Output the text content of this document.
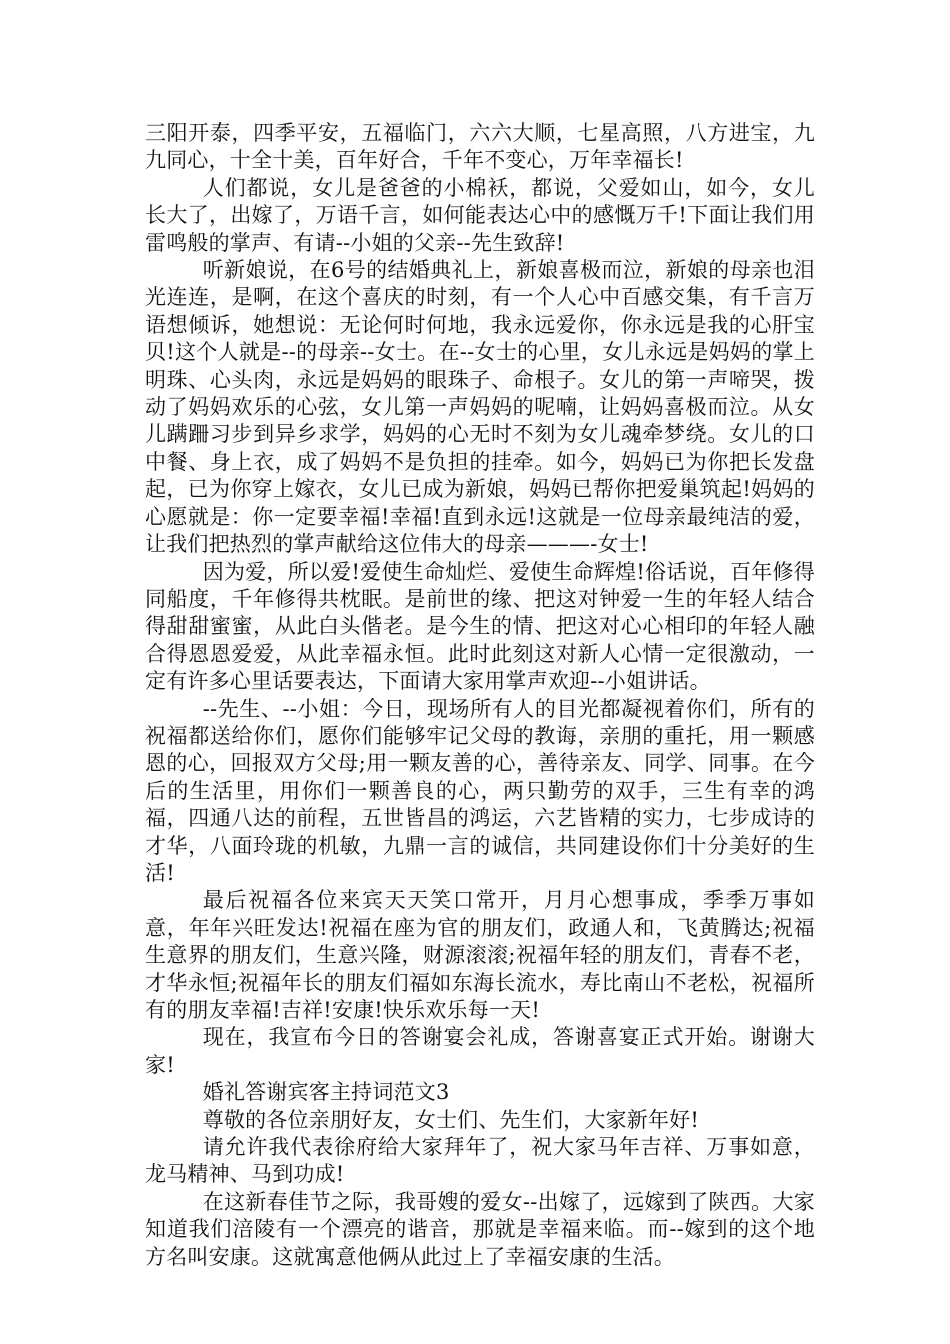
三阳开泰，四季平安，五福临门，六六大顺，七星高照，八方进宝，九九同心，十全十美，百年好合，千年不变心，万年幸福长!

人们都说，女儿是爸爸的小棉袄，都说，父爱如山，如今，女儿长大了，出嫁了，万语千言，如何能表达心中的感慨万千!下面让我们用雷鸣般的掌声、有请--小姐的父亲--先生致辞!

听新娘说，在6号的结婚典礼上，新娘喜极而泣，新娘的母亲也泪光连连，是啊，在这个喜庆的时刻，有一个人心中百感交集，有千言万语想倾诉，她想说：无论何时何地，我永远爱你，你永远是我的心肝宝贝!这个人就是--的母亲--女士。在--女士的心里，女儿永远是妈妈的掌上明珠、心头肉，永远是妈妈的眼珠子、命根子。女儿的第一声啼哭，拨动了妈妈欢乐的心弦，女儿第一声妈妈的呢喃，让妈妈喜极而泣。从女儿蹒跚习步到异乡求学，妈妈的心无时不刻为女儿魂牵梦绕。女儿的口中餐、身上衣，成了妈妈不是负担的挂牵。如今，妈妈已为你把长发盘起，已为你穿上嫁衣，女儿已成为新娘，妈妈已帮你把爱巢筑起!妈妈的心愿就是：你一定要幸福!幸福!直到永远!这就是一位母亲最纯洁的爱，让我们把热烈的掌声献给这位伟大的母亲———-女士!

因为爱，所以爱!爱使生命灿烂、爱使生命辉煌!俗话说，百年修得同船度，千年修得共枕眠。是前世的缘、把这对钟爱一生的年轻人结合得甜甜蜜蜜，从此白头偕老。是今生的情、把这对心心相印的年轻人融合得恩恩爱爱，从此幸福永恒。此时此刻这对新人心情一定很激动，一定有许多心里话要表达，下面请大家用掌声欢迎--小姐讲话。

--先生、--小姐：今日，现场所有人的目光都凝视着你们，所有的祝福都送给你们，愿你们能够牢记父母的教诲，亲朋的重托，用一颗感恩的心，回报双方父母;用一颗友善的心，善待亲友、同学、同事。在今后的生活里，用你们一颗善良的心，两只勤劳的双手，三生有幸的鸿福，四通八达的前程，五世皆昌的鸿运，六艺皆精的实力，七步成诗的才华，八面玲珑的机敏，九鼎一言的诚信，共同建设你们十分美好的生活!

最后祝福各位来宾天天笑口常开，月月心想事成，季季万事如意，年年兴旺发达!祝福在座为官的朋友们，政通人和，飞黄腾达;祝福生意界的朋友们，生意兴隆，财源滚滚;祝福年轻的朋友们，青春不老，才华永恒;祝福年长的朋友们福如东海长流水，寿比南山不老松，祝福所有的朋友幸福!吉祥!安康!快乐欢乐每一天!

现在，我宣布今日的答谢宴会礼成，答谢喜宴正式开始。谢谢大家!

婚礼答谢宾客主持词范文3

尊敬的各位亲朋好友，女士们、先生们，大家新年好!

请允许我代表徐府给大家拜年了，祝大家马年吉祥、万事如意，龙马精神、马到功成!

在这新春佳节之际，我哥嫂的爱女--出嫁了，远嫁到了陕西。大家知道我们涪陵有一个漂亮的谐音，那就是幸福来临。而--嫁到的这个地方名叫安康。这就寓意他俩从此过上了幸福安康的生活。
